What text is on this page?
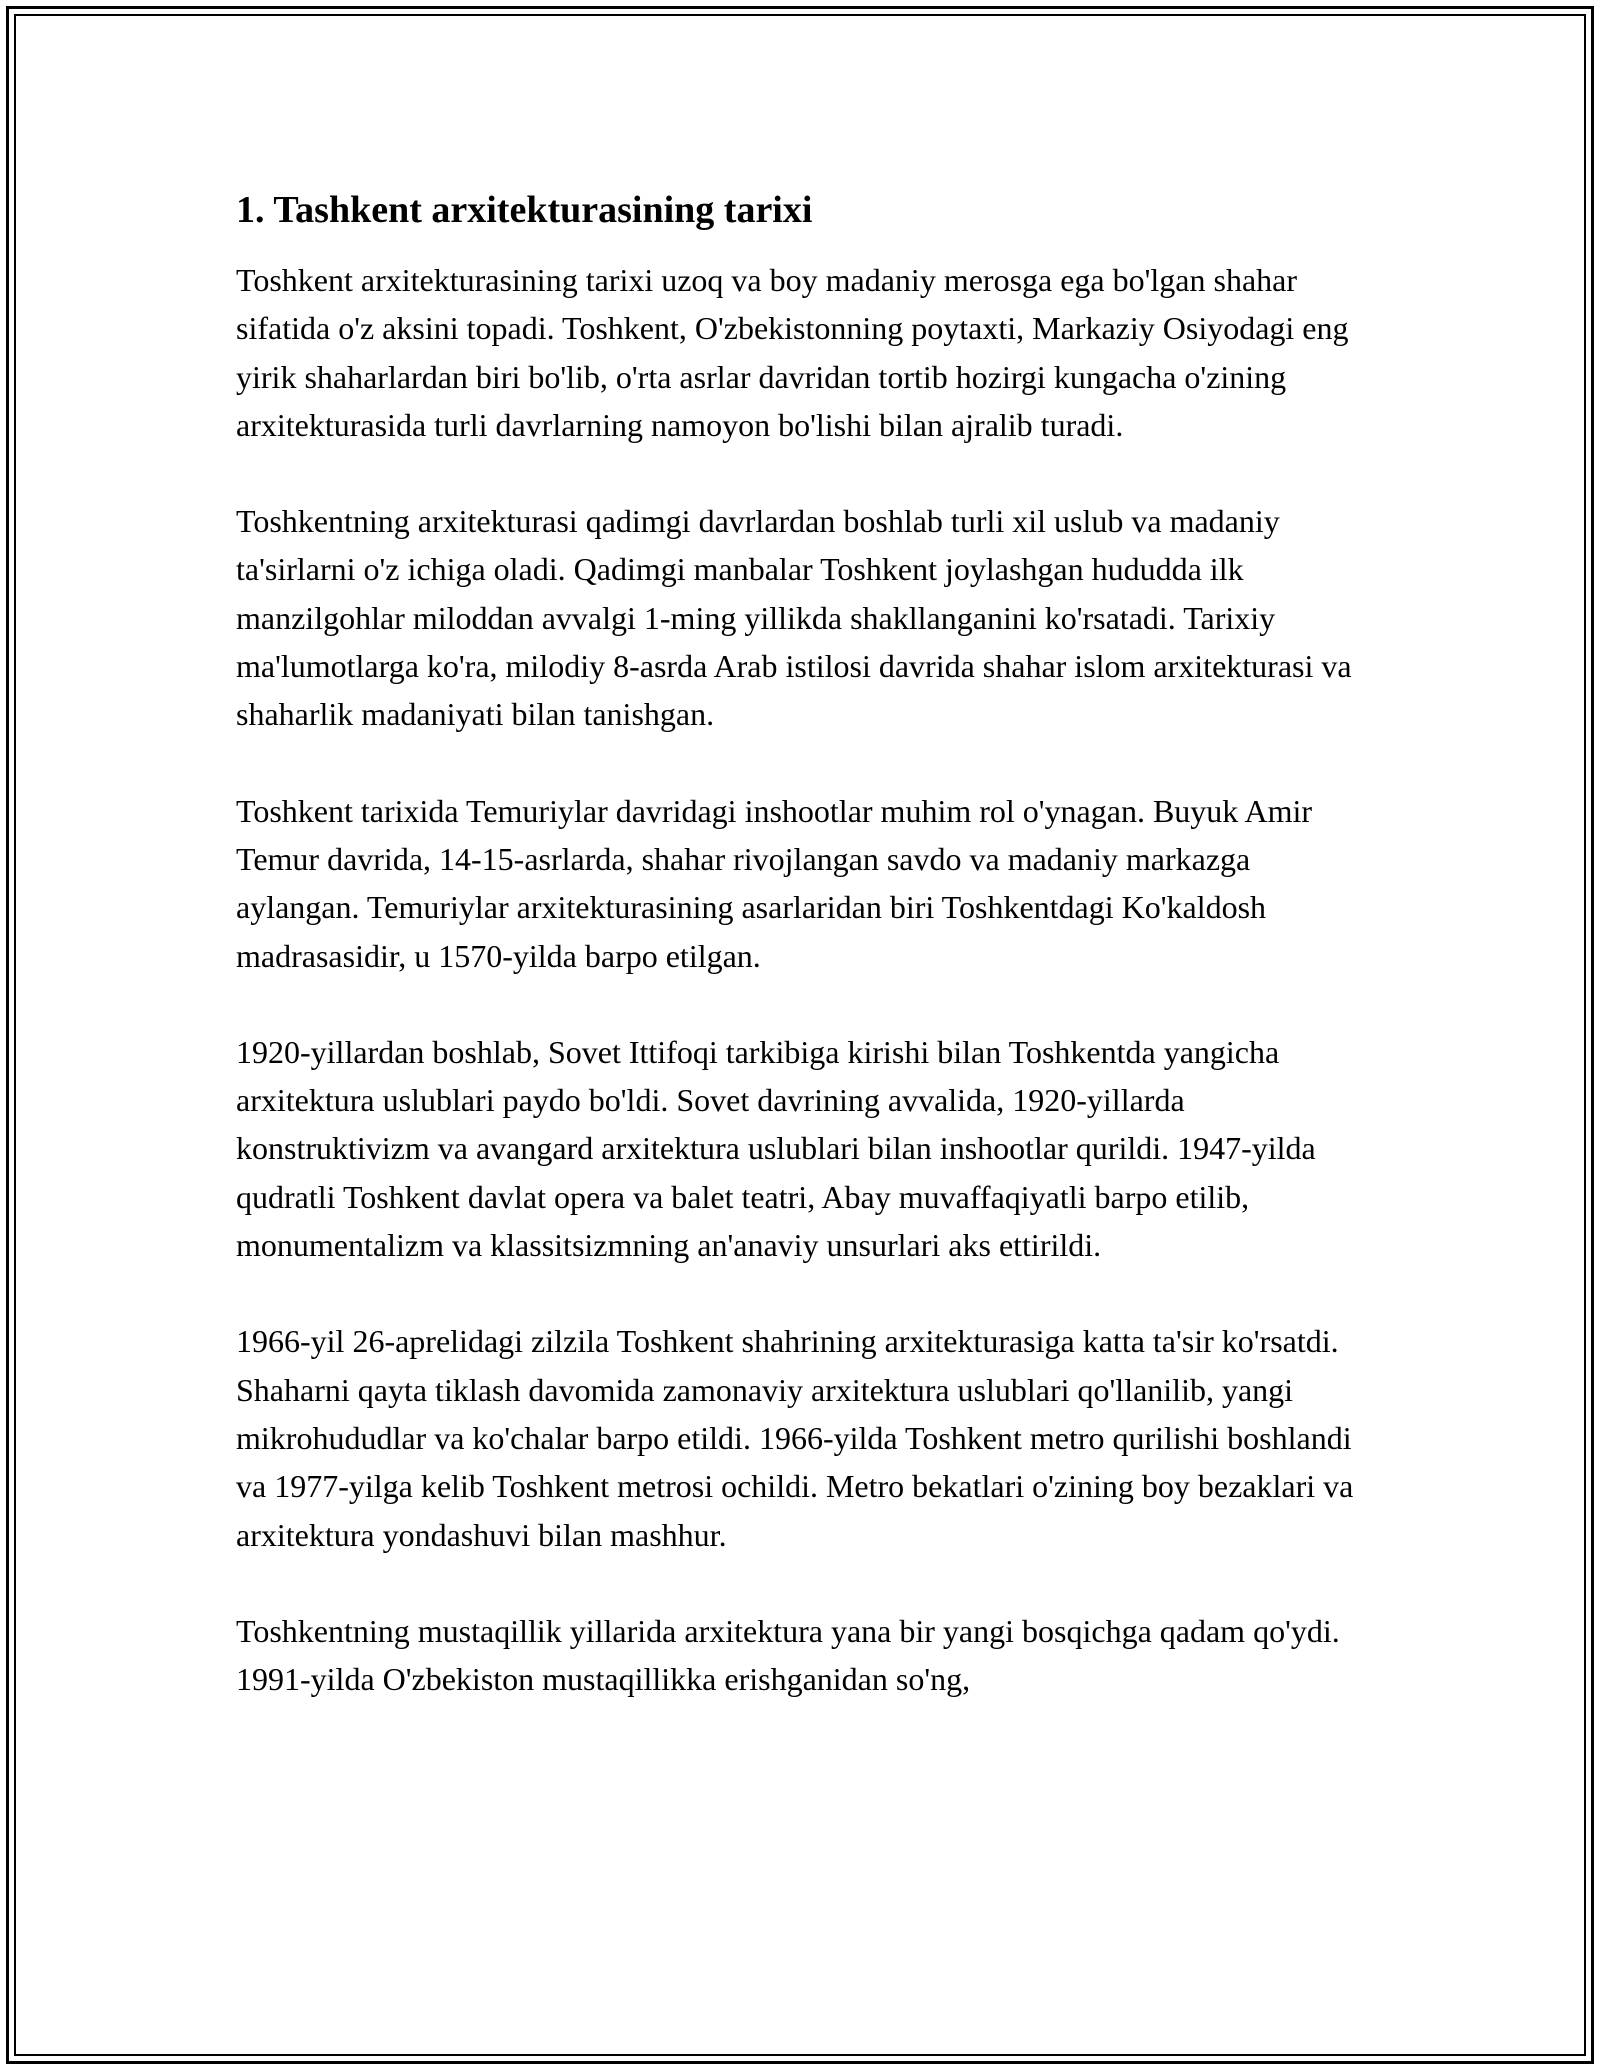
1. Tashkent arxitekturasining tarixi

Toshkent arxitekturasining tarixi uzoq va boy madaniy merosga ega bo'lgan shahar sifatida o'z aksini topadi. Toshkent, O'zbekistonning poytaxti, Markaziy Osiyodagi eng yirik shaharlardan biri bo'lib, o'rta asrlar davridan tortib hozirgi kungacha o'zining arxitekturasida turli davrlarning namoyon bo'lishi bilan ajralib turadi.

Toshkentning arxitekturasi qadimgi davrlardan boshlab turli xil uslub va madaniy ta'sirlarni o'z ichiga oladi. Qadimgi manbalar Toshkent joylashgan hududda ilk manzilgohlar miloddan avvalgi 1-ming yillikda shakllanganini ko'rsatadi. Tarixiy ma'lumotlarga ko'ra, milodiy 8-asrda Arab istilosi davrida shahar islom arxitekturasi va shaharlik madaniyati bilan tanishgan.

Toshkent tarixida Temuriylar davridagi inshootlar muhim rol o'ynagan. Buyuk Amir Temur davrida, 14-15-asrlarda, shahar rivojlangan savdo va madaniy markazga aylangan. Temuriylar arxitekturasining asarlaridan biri Toshkentdagi Ko'kaldosh madrasasidir, u 1570-yilda barpo etilgan.

1920-yillardan boshlab, Sovet Ittifoqi tarkibiga kirishi bilan Toshkentda yangicha arxitektura uslublari paydo bo'ldi. Sovet davrining avvalida, 1920-yillarda konstruktivizm va avangard arxitektura uslublari bilan inshootlar qurildi. 1947-yilda qudratli Toshkent davlat opera va balet teatri, Abay muvaffaqiyatli barpo etilib, monumentalizm va klassitsizmning an'anaviy unsurlari aks ettirildi.

1966-yil 26-aprelidagi zilzila Toshkent shahrining arxitekturasiga katta ta'sir ko'rsatdi. Shaharni qayta tiklash davomida zamonaviy arxitektura uslublari qo'llanilib, yangi mikrohududlar va ko'chalar barpo etildi. 1966-yilda Toshkent metro qurilishi boshlandi va 1977-yilga kelib Toshkent metrosi ochildi. Metro bekatlari o'zining boy bezaklari va arxitektura yondashuvi bilan mashhur.

Toshkentning mustaqillik yillarida arxitektura yana bir yangi bosqichga qadam qo'ydi. 1991-yilda O'zbekiston mustaqillikka erishganidan so'ng,
